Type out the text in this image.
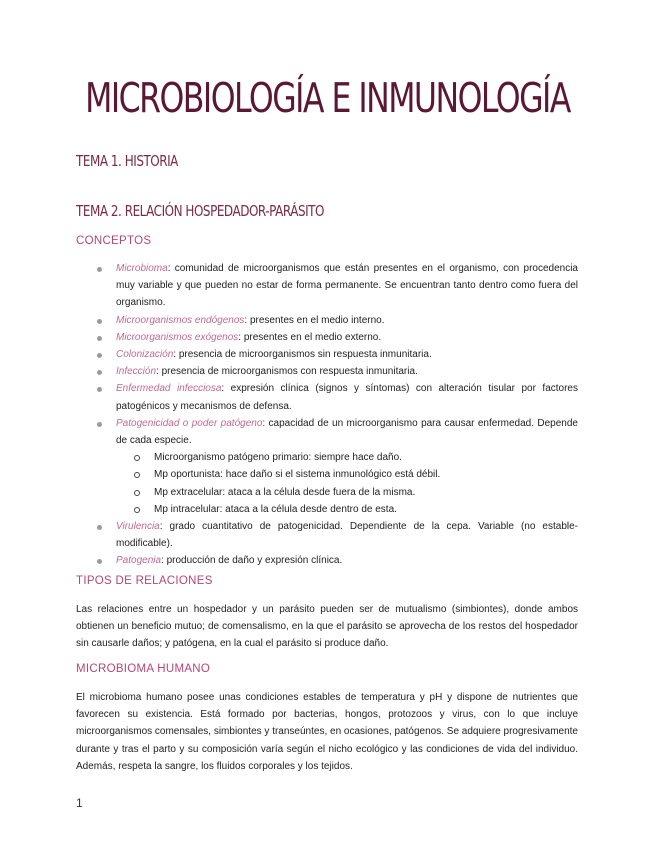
MICROBIOLOGÍA E INMUNOLOGÍA
TEMA 1. HISTORIA
TEMA 2. RELACIÓN HOSPEDADOR-PARÁSITO
CONCEPTOS
Microbioma: comunidad de microorganismos que están presentes en el organismo, con procedencia muy variable y que pueden no estar de forma permanente. Se encuentran tanto dentro como fuera del organismo.
Microorganismos endógenos: presentes en el medio interno.
Microorganismos exógenos: presentes en el medio externo.
Colonización: presencia de microorganismos sin respuesta inmunitaria.
Infección: presencia de microorganismos con respuesta inmunitaria.
Enfermedad infecciosa: expresión clínica (signos y síntomas) con alteración tisular por factores patogénicos y mecanismos de defensa.
Patogenicidad o poder patógeno: capacidad de un microorganismo para causar enfermedad. Depende de cada especie.
Microorganismo patógeno primario: siempre hace daño.
Mp oportunista: hace daño si el sistema inmunológico está débil.
Mp extracelular: ataca a la célula desde fuera de la misma.
Mp intracelular: ataca a la célula desde dentro de esta.
Virulencia: grado cuantitativo de patogenicidad. Dependiente de la cepa. Variable (no estable-modificable).
Patogenia: producción de daño y expresión clínica.
TIPOS DE RELACIONES

Las relaciones entre un hospedador y un parásito pueden ser de mutualismo (simbiontes), donde ambos obtienen un beneficio mutuo; de comensalismo, en la que el parásito se aprovecha de los restos del hospedador sin causarle daños; y patógena, en la cual el parásito si produce daño.

MICROBIOMA HUMANO

El microbioma humano posee unas condiciones estables de temperatura y pH y dispone de nutrientes que favorecen su existencia. Está formado por bacterias, hongos, protozoos y virus, con lo que incluye microorganismos comensales, simbiontes y transeúntes, en ocasiones, patógenos. Se adquiere progresivamente durante y tras el parto y su composición varía según el nicho ecológico y las condiciones de vida del individuo. Además, respeta la sangre, los fluidos corporales y los tejidos.

1
